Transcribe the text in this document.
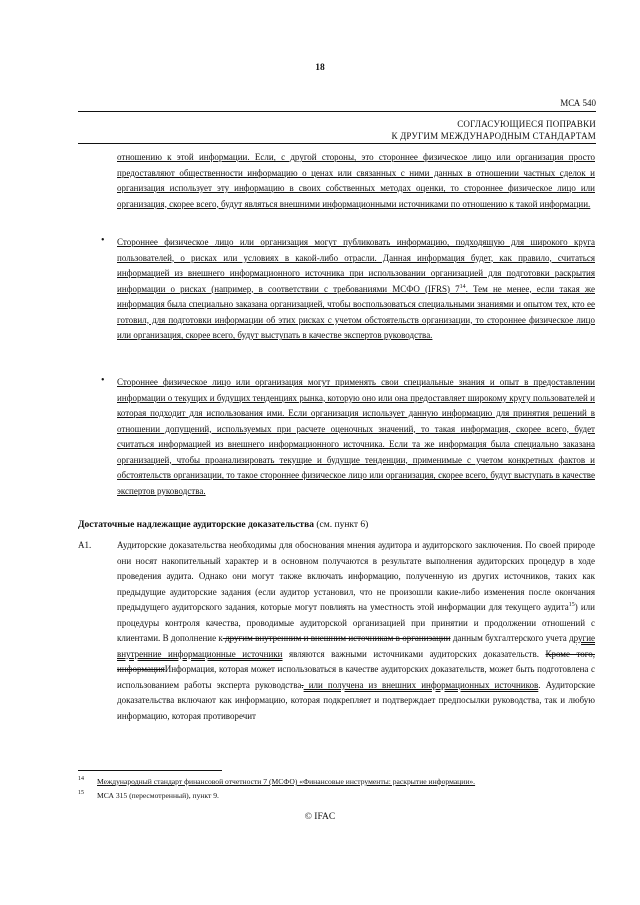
18
МСА 540
СОГЛАСУЮЩИЕСЯ ПОПРАВКИ
К ДРУГИМ МЕЖДУНАРОДНЫМ СТАНДАРТАМ
отношению к этой информации. Если, с другой стороны, это стороннее физическое лицо или организация просто предоставляют общественности информацию о ценах или связанных с ними данных в отношении частных сделок и организация использует эту информацию в своих собственных методах оценки, то стороннее физическое лицо или организация, скорее всего, будут являться внешними информационными источниками по отношению к такой информации.
• Стороннее физическое лицо или организация могут публиковать информацию, подходящую для широкого круга пользователей, о рисках или условиях в какой-либо отрасли. Данная информация будет, как правило, считаться информацией из внешнего информационного источника при использовании организацией для подготовки раскрытия информации о рисках (например, в соответствии с требованиями МСФО (IFRS) $7^{14}$. Тем не менее, если такая же информация была специально заказана организацией, чтобы воспользоваться специальными знаниями и опытом тех, кто ее готовил, для подготовки информации об этих рисках с учетом обстоятельств организации, то стороннее физическое лицо или организация, скорее всего, будут выступать в качестве экспертов руководства.
• Стороннее физическое лицо или организация могут применять свои специальные знания и опыт в предоставлении информации о текущих и будущих тенденциях рынка, которую оно или она предоставляет широкому кругу пользователей и которая подходит для использования ими. Если организация использует данную информацию для принятия решений в отношении допущений, используемых при расчете оценочных значений, то такая информация, скорее всего, будет считаться информацией из внешнего информационного источника. Если та же информация была специально заказана организацией, чтобы проанализировать текущие и будущие тенденции, применимые с учетом конкретных фактов и обстоятельств организации, то такое стороннее физическое лицо или организация, скорее всего, будут выступать в качестве экспертов руководства.
Достаточные надлежащие аудиторские доказательства (см. пункт 6)
A1.	Аудиторские доказательства необходимы для обоснования мнения аудитора и аудиторского заключения. По своей природе они носят накопительный характер и в основном получаются в результате выполнения аудиторских процедур в ходе проведения аудита. Однако они могут также включать информацию, полученную из других источников, таких как предыдущие аудиторские задания (если аудитор установил, что не произошли какие-либо изменения после окончания предыдущего аудиторского задания, которые могут повлиять на уместность этой информации для текущего аудита$^{15}$) или процедуры контроля качества, проводимые аудиторской организацией при принятии и продолжении отношений с клиентами. В дополнение к другим внутренним и внешним источникам в организации данным бухгалтерского учета другие внутренние информационные источники являются важными источниками аудиторских доказательств. Кроме того, информацияИнформация, которая может использоваться в качестве аудиторских доказательств, может быть подготовлена с использованием работы эксперта руководства. или получена из внешних информационных источников. Аудиторские доказательства включают как информацию, которая подкрепляет и подтверждает предпосылки руководства, так и любую информацию, которая противоречит
14 Международный стандарт финансовой отчетности 7 (МСФО) «Финансовые инструменты: раскрытие информации».
15 МСА 315 (пересмотренный), пункт 9.
© IFAC
